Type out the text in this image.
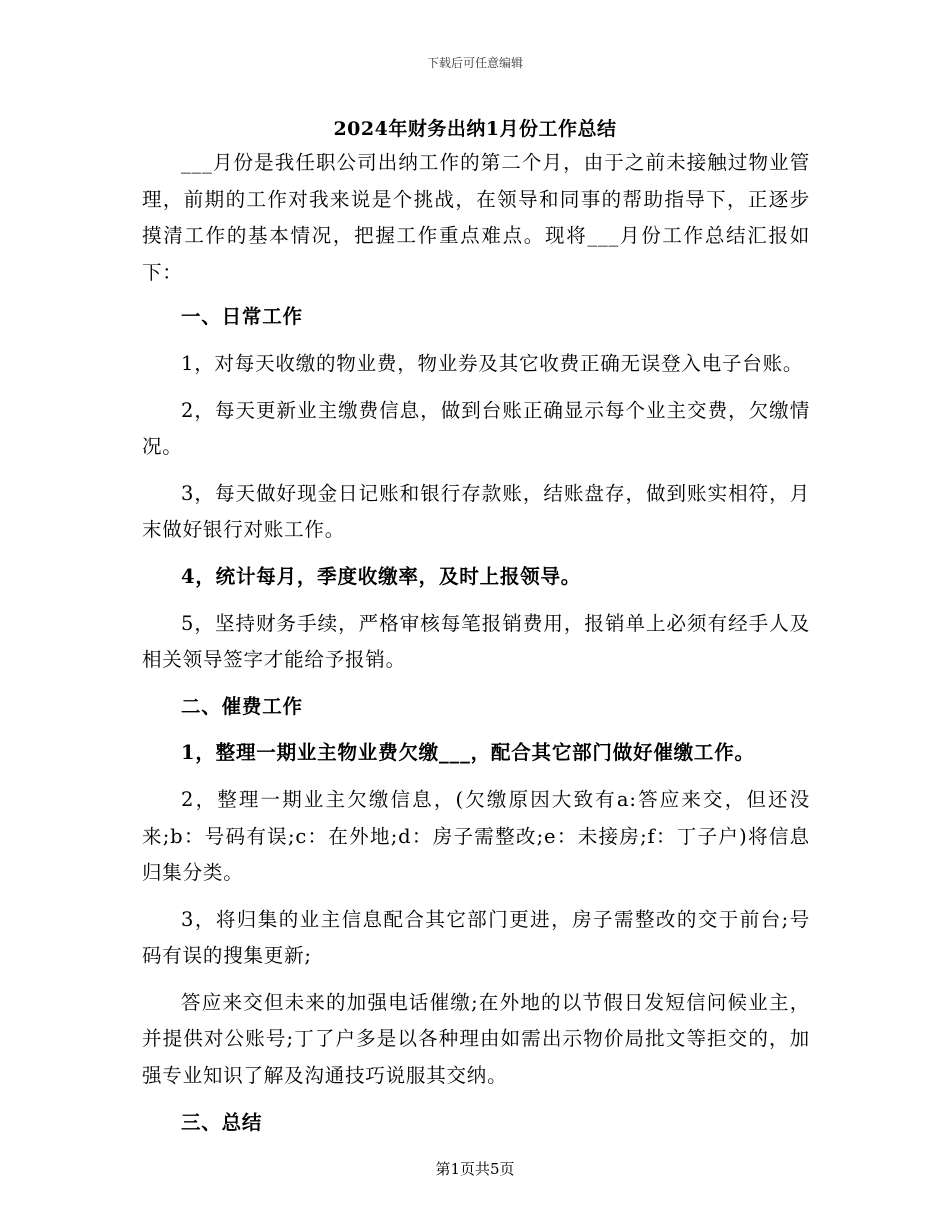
下载后可任意编辑
2024年财务出纳1月份工作总结

___月份是我任职公司出纳工作的第二个月，由于之前未接触过物业管理，前期的工作对我来说是个挑战，在领导和同事的帮助指导下，正逐步摸清工作的基本情况，把握工作重点难点。现将___月份工作总结汇报如下：

一、日常工作

1，对每天收缴的物业费，物业券及其它收费正确无误登入电子台账。

2，每天更新业主缴费信息，做到台账正确显示每个业主交费，欠缴情况。

3，每天做好现金日记账和银行存款账，结账盘存，做到账实相符，月末做好银行对账工作。

4，统计每月，季度收缴率，及时上报领导。

5，坚持财务手续，严格审核每笔报销费用，报销单上必须有经手人及相关领导签字才能给予报销。

二、催费工作

1，整理一期业主物业费欠缴___，配合其它部门做好催缴工作。

2，整理一期业主欠缴信息，(欠缴原因大致有a:答应来交，但还没来;b：号码有误;c：在外地;d：房子需整改;e：未接房;f：丁子户)将信息归集分类。

3，将归集的业主信息配合其它部门更进，房子需整改的交于前台;号码有误的搜集更新;

答应来交但未来的加强电话催缴;在外地的以节假日发短信问候业主，并提供对公账号;丁了户多是以各种理由如需出示物价局批文等拒交的，加强专业知识了解及沟通技巧说服其交纳。

三、总结

第1页共5页
